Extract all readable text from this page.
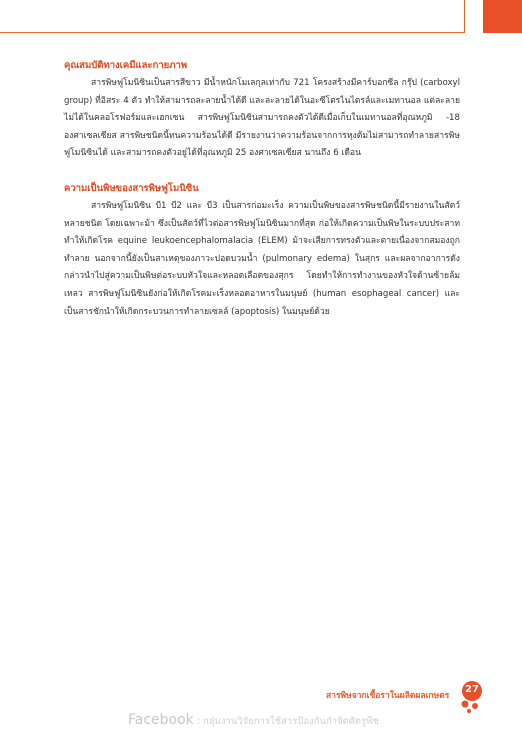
คุณสมบัติทางเคมีและกายภาพ

สารพิษฟูโมนิซินเป็นสารสีขาว มีน้ำหนักโมเลกุลเท่ากับ 721 โครงสร้างมีคาร์บอกซีล กรุ๊ป (carboxyl group) ที่อิสระ 4 ตัว ทำให้สามารถละลายน้ำได้ดี และละลายได้ในอะซีโตรไนไตรล์และเมทานอล แต่ละลายไม่ได้ในคลอโรฟอร์มและเฮกเซน สารพิษฟูโมนิซินสามารถคงตัวได้ดีเมื่อเก็บในเมทานอลที่อุณหภูมิ -18 องศาเซลเซียส สารพิษชนิดนี้ทนความร้อนได้ดี มีรายงานว่าความร้อนจากการหุงต้มไม่สามารถทำลายสารพิษฟูโมนิซินได้ และสามารถคงตัวอยู่ได้ที่อุณหภูมิ 25 องศาเซลเซียส นานถึง 6 เดือน

ความเป็นพิษของสารพิษฟูโมนิซิน

สารพิษฟูโมนิซิน บี1 บี2 และ บี3 เป็นสารก่อมะเร็ง ความเป็นพิษของสารพิษชนิดนี้มีรายงานในสัตว์หลายชนิด โดยเฉพาะม้า ซึ่งเป็นสัตว์ที่ไวต่อสารพิษฟูโมนิซินมากที่สุด ก่อให้เกิดความเป็นพิษในระบบประสาท ทำให้เกิดโรค equine leukoencephalomalacia (ELEM) ม้าจะเสียการทรงตัวและตายเนื่องจากสมองถูกทำลาย นอกจากนี้ยังเป็นสาเหตุของภาวะปอดบวมน้ำ (pulmonary edema) ในสุกร และผลจากอาการดังกล่าวนำไปสู่ความเป็นพิษต่อระบบหัวใจและหลอดเลือดของสุกร โดยทำให้การทำงานของหัวใจด้านซ้ายล้มเหลว สารพิษฟูโมนิซินยังก่อให้เกิดโรคมะเร็งหลอดอาหารในมนุษย์ (human esophageal cancer) และเป็นสารชักนำให้เกิดกระบวนการทำลายเซลล์ (apoptosis) ในมนุษย์ด้วย

สารพิษจากเชื้อราในผลิตผลเกษตร
27
Facebook : กลุ่มงานวิจัยการใช้สารป้องกันกำจัดศัตรูพืช
